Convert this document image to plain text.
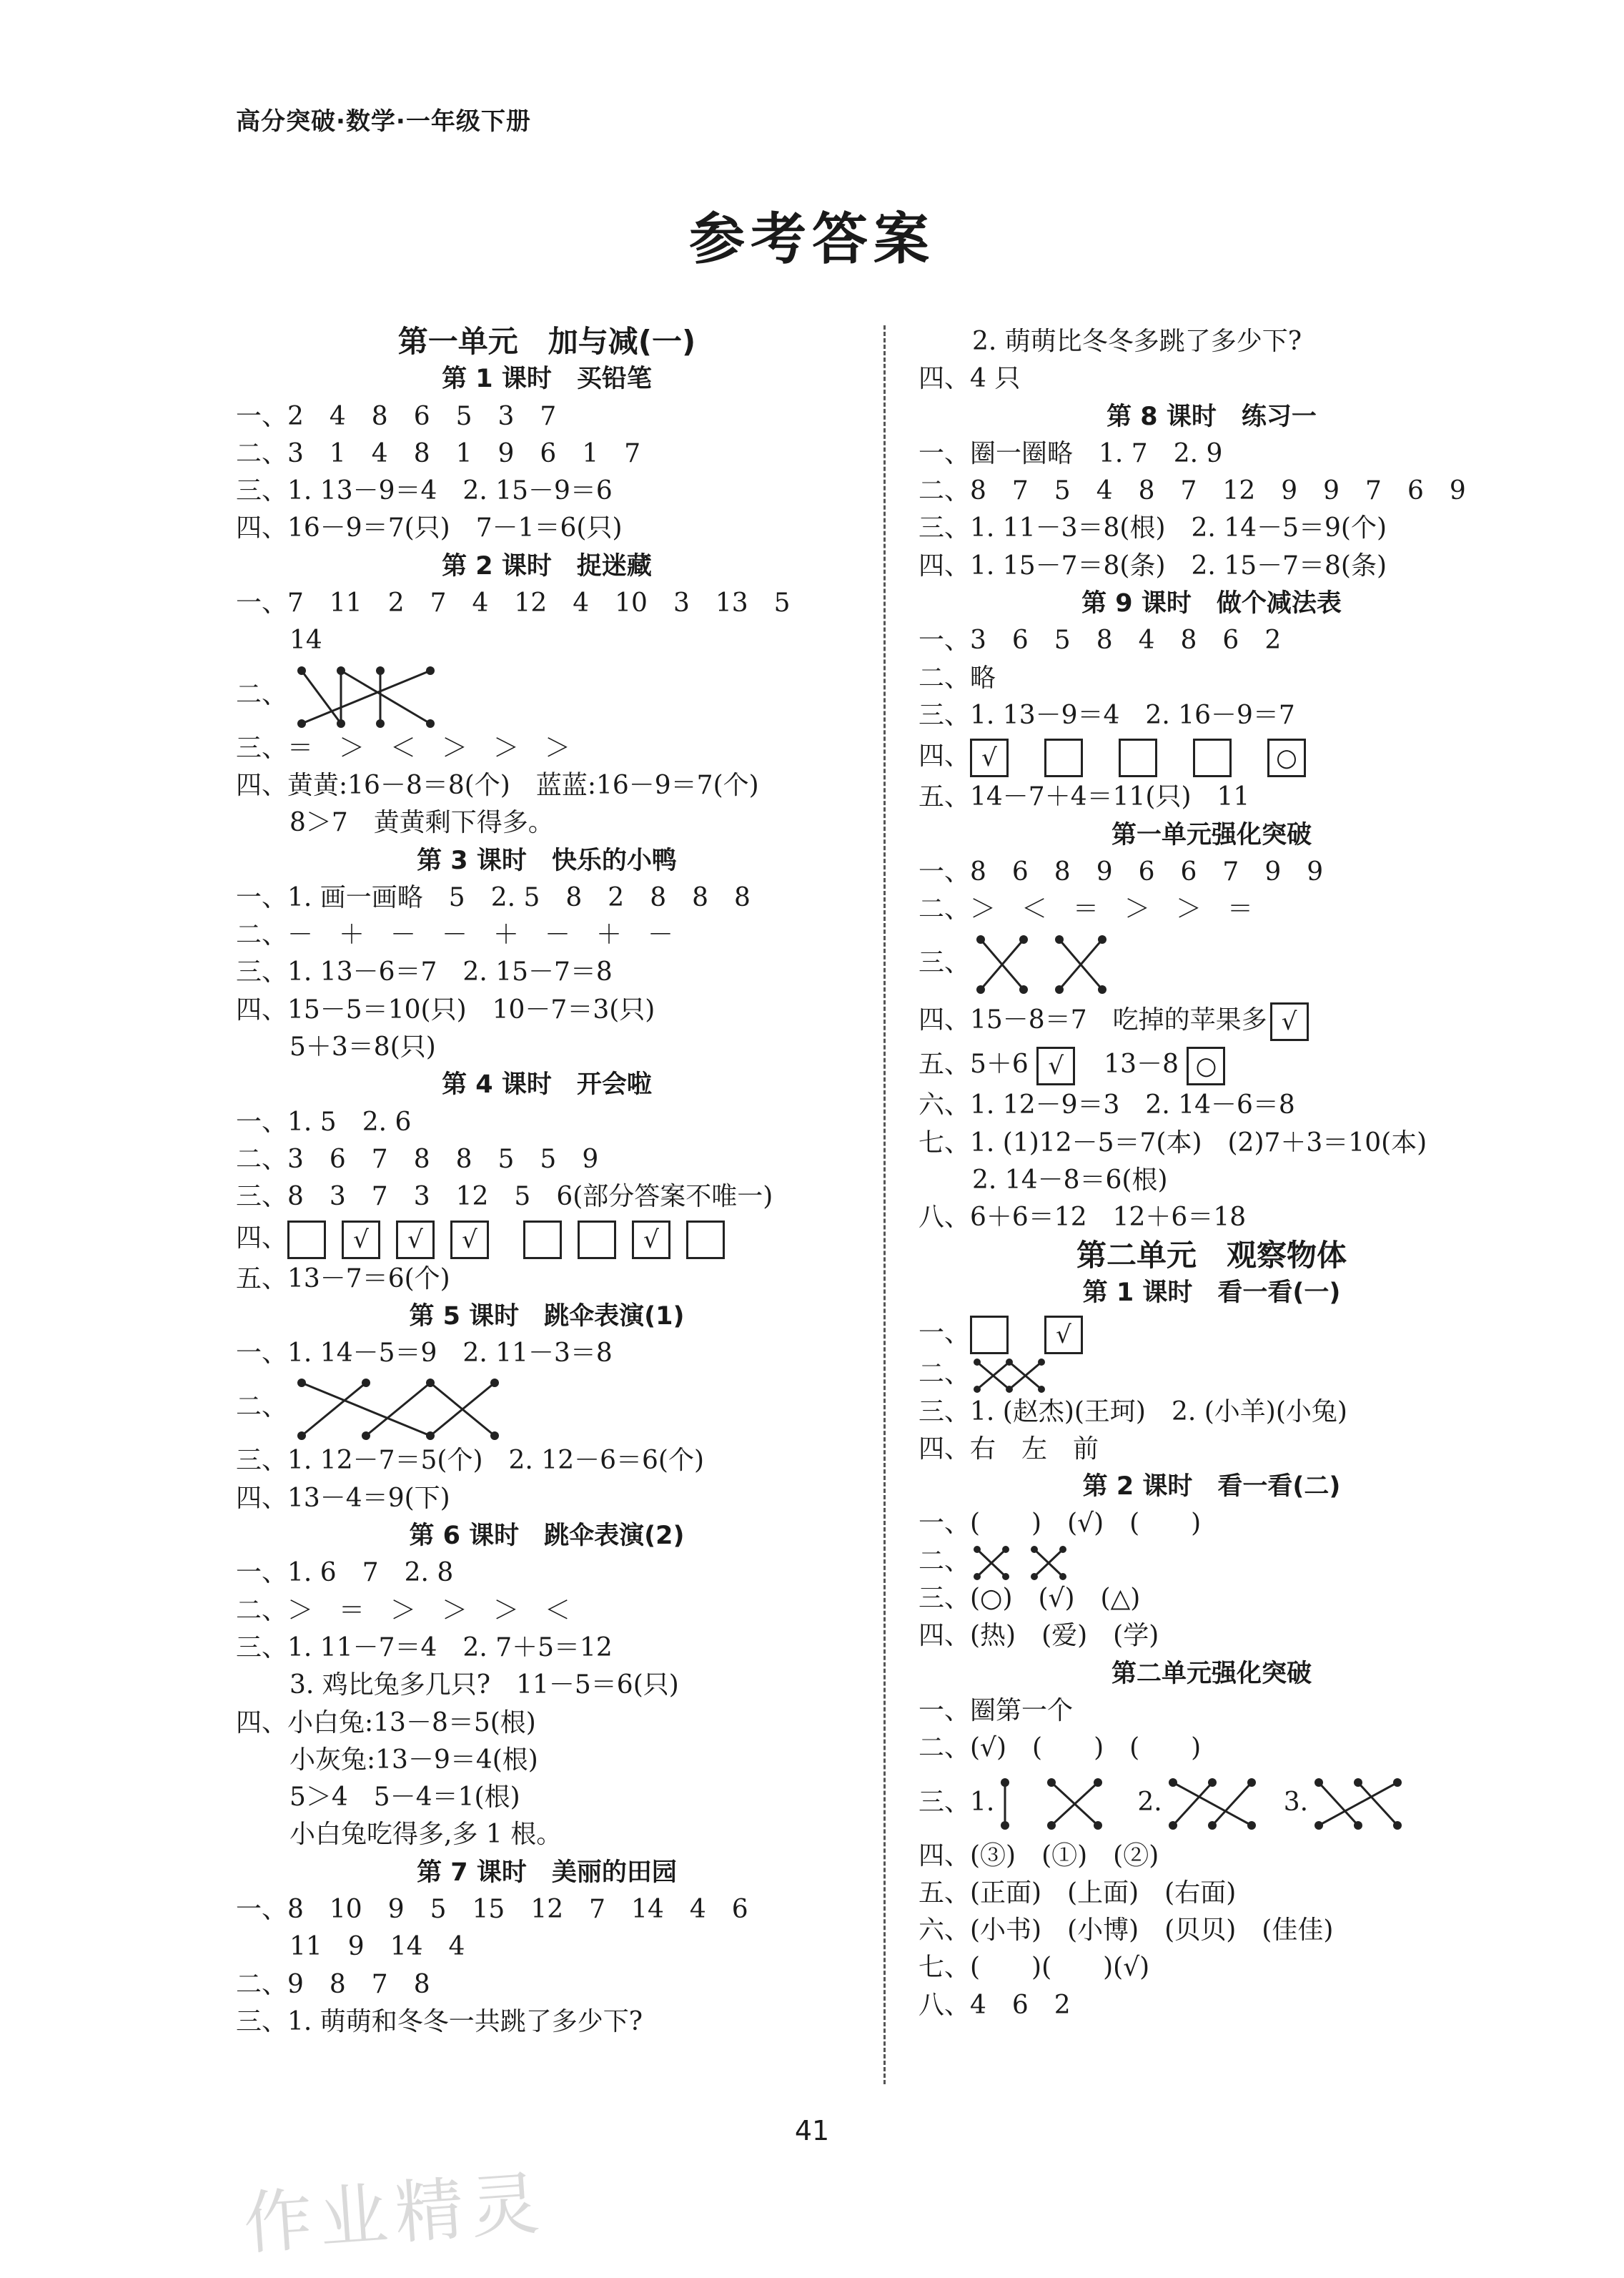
高分突破·数学·一年级下册
参考答案
第一单元　加与减(一)
第 1 课时　买铅笔
一、2　4　8　6　5　3　7
二、3　1　4　8　1　9　6　1　7
三、1. 13－9＝4　2. 15－9＝6
四、16－9＝7(只)　7－1＝6(只)
第 2 课时　捉迷藏
一、7　11　2　7　4　12　4　10　3　13　5
14
二、
三、＝　＞　＜　＞　＞　＞
四、黄黄:16－8＝8(个)　蓝蓝:16－9＝7(个)
8＞7　黄黄剩下得多。
第 3 课时　快乐的小鸭
一、1. 画一画略　5　2. 5　8　2　8　8　8
二、－　＋　－　－　＋　－　＋　－
三、1. 13－6＝7　2. 15－7＝8
四、15－5＝10(只)　10－7＝3(只)
5＋3＝8(只)
第 4 课时　开会啦
一、1. 5　2. 6
二、3　6　7　8　8　5　5　9
三、8　3　7　3　12　5　6(部分答案不唯一)
四、	√ √ √	√
五、13－7＝6(个)
第 5 课时　跳伞表演(1)
一、1. 14－5＝9　2. 11－3＝8
二、
三、1. 12－7＝5(个)　2. 12－6＝6(个)
四、13－4＝9(下)
第 6 课时　跳伞表演(2)
一、1. 6　7　2. 8
二、＞　＝　＞　＞　＞　＜
三、1. 11－7＝4　2. 7＋5＝12
3. 鸡比兔多几只?　11－5＝6(只)
四、小白兔:13－8＝5(根)
小灰兔:13－9＝4(根)
5＞4　5－4＝1(根)
小白兔吃得多,多 1 根。
第 7 课时　美丽的田园
一、8　10　9　5　15　12　7　14　4　6
11　9　14　4
二、9　8　7　8
三、1. 萌萌和冬冬一共跳了多少下?
2. 萌萌比冬冬多跳了多少下?
四、4 只
第 8 课时　练习一
一、圈一圈略　1. 7　2. 9
二、8　7　5　4　8　7　12　9　9　7　6　9
三、1. 11－3＝8(根)　2. 14－5＝9(个)
四、1. 15－7＝8(条)　2. 15－7＝8(条)
第 9 课时　做个减法表
一、3　6　5　8　4　8　6　2
二、略
三、1. 13－9＝4　2. 16－9＝7
四、 √	○
五、14－7＋4＝11(只)　11
第一单元强化突破
一、8　6　8　9　6　6　7　9　9
二、＞　＜　＝　＞　＞　＝
三、
四、15－8＝7　吃掉的苹果多 √
五、5＋6 √ 13－8 ○
六、1. 12－9＝3　2. 14－6＝8
七、1. (1)12－5＝7(本)　(2)7＋3＝10(本)
2. 14－8＝6(根)
八、6＋6＝12　12＋6＝18
第二单元　观察物体
第 1 课时　看一看(一)
一、	√
二、
三、1. (赵杰)(王珂)　2. (小羊)(小兔)
四、右　左　前
第 2 课时　看一看(二)
一、(　　)　(√)　(　　)
二、
三、(○)　(√)　(△)
四、(热)　(爱)　(学)
第二单元强化突破
一、圈第一个
二、(√)　(　　)　(　　)
三、1.	2.	3.
四、(③)　(①)　(②)
五、(正面)　(上面)　(右面)
六、(小书)　(小博)　(贝贝)　(佳佳)
七、(　　)(　　)(√)
八、4　6　2
41
作业精灵
